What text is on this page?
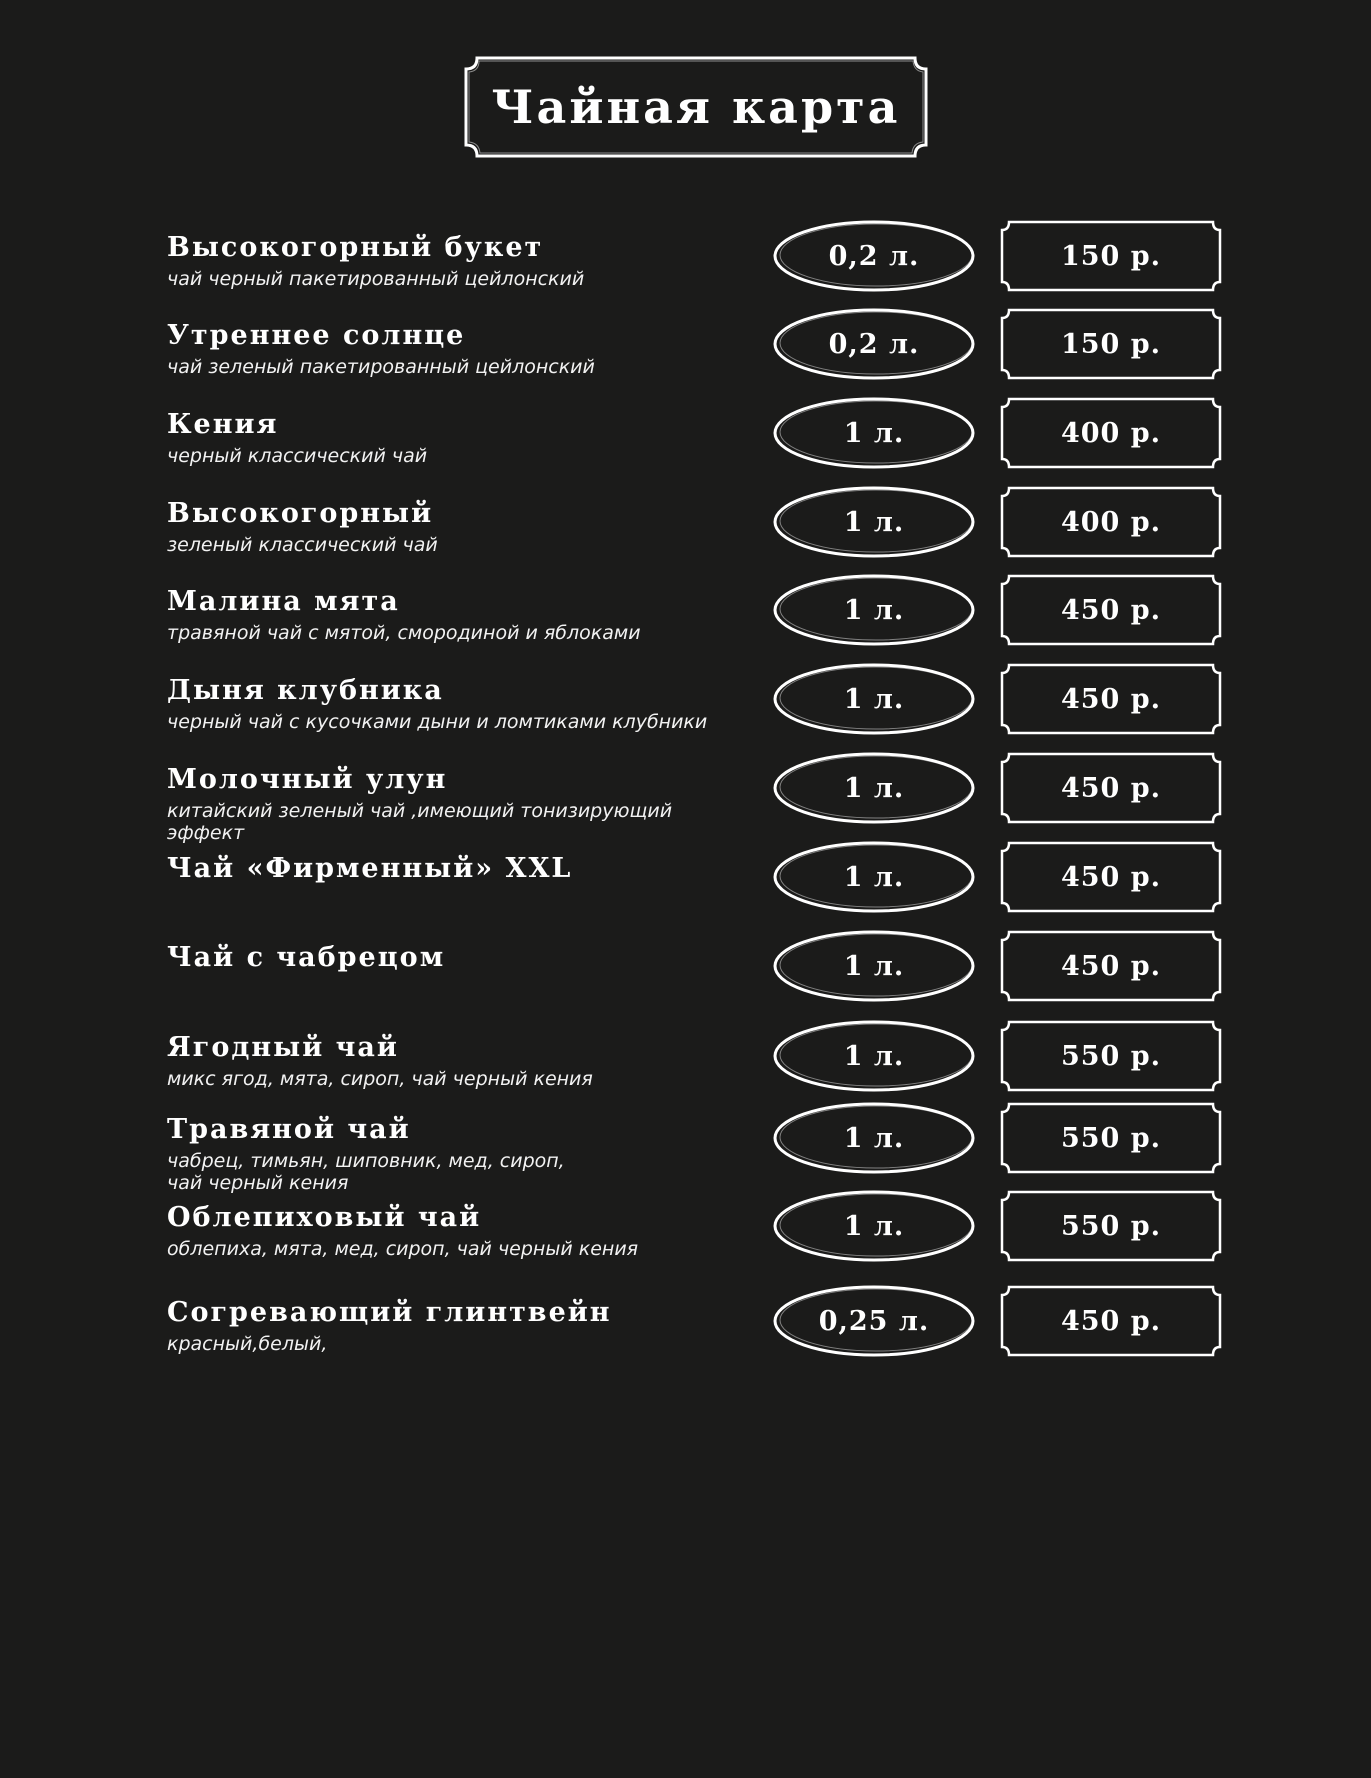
Чайная карта
Высокогорный букет
чай черный пакетированный цейлонский
0,2 л.	150 р.
Утреннее солнце
чай зеленый пакетированный цейлонский
0,2 л.	150 р.
Кения
черный классический чай
1 л.	400 р.
Высокогорный
зеленый классический чай
1 л.	400 р.
Малина мята
травяной чай с мятой, смородиной и яблоками
1 л.	450 р.
Дыня клубника
черный чай с кусочками дыни и ломтиками клубники
1 л.	450 р.
Молочный улун
китайский зеленый чай ,имеющий тонизирующий эффект
1 л.	450 р.
Чай «Фирменный» XXL	1 л.	450 р.
Чай с чабрецом	1 л.	450 р.
Ягодный чай
микс ягод, мята, сироп, чай черный кения
1 л.	550 р.
Травяной чай
чабрец, тимьян, шиповник, мед, сироп, чай черный кения
1 л.	550 р.
Облепиховый чай
облепиха, мята, мед, сироп, чай черный кения
1 л.	550 р.
Согревающий глинтвейн
красный,белый,
0,25 л.	450 р.
